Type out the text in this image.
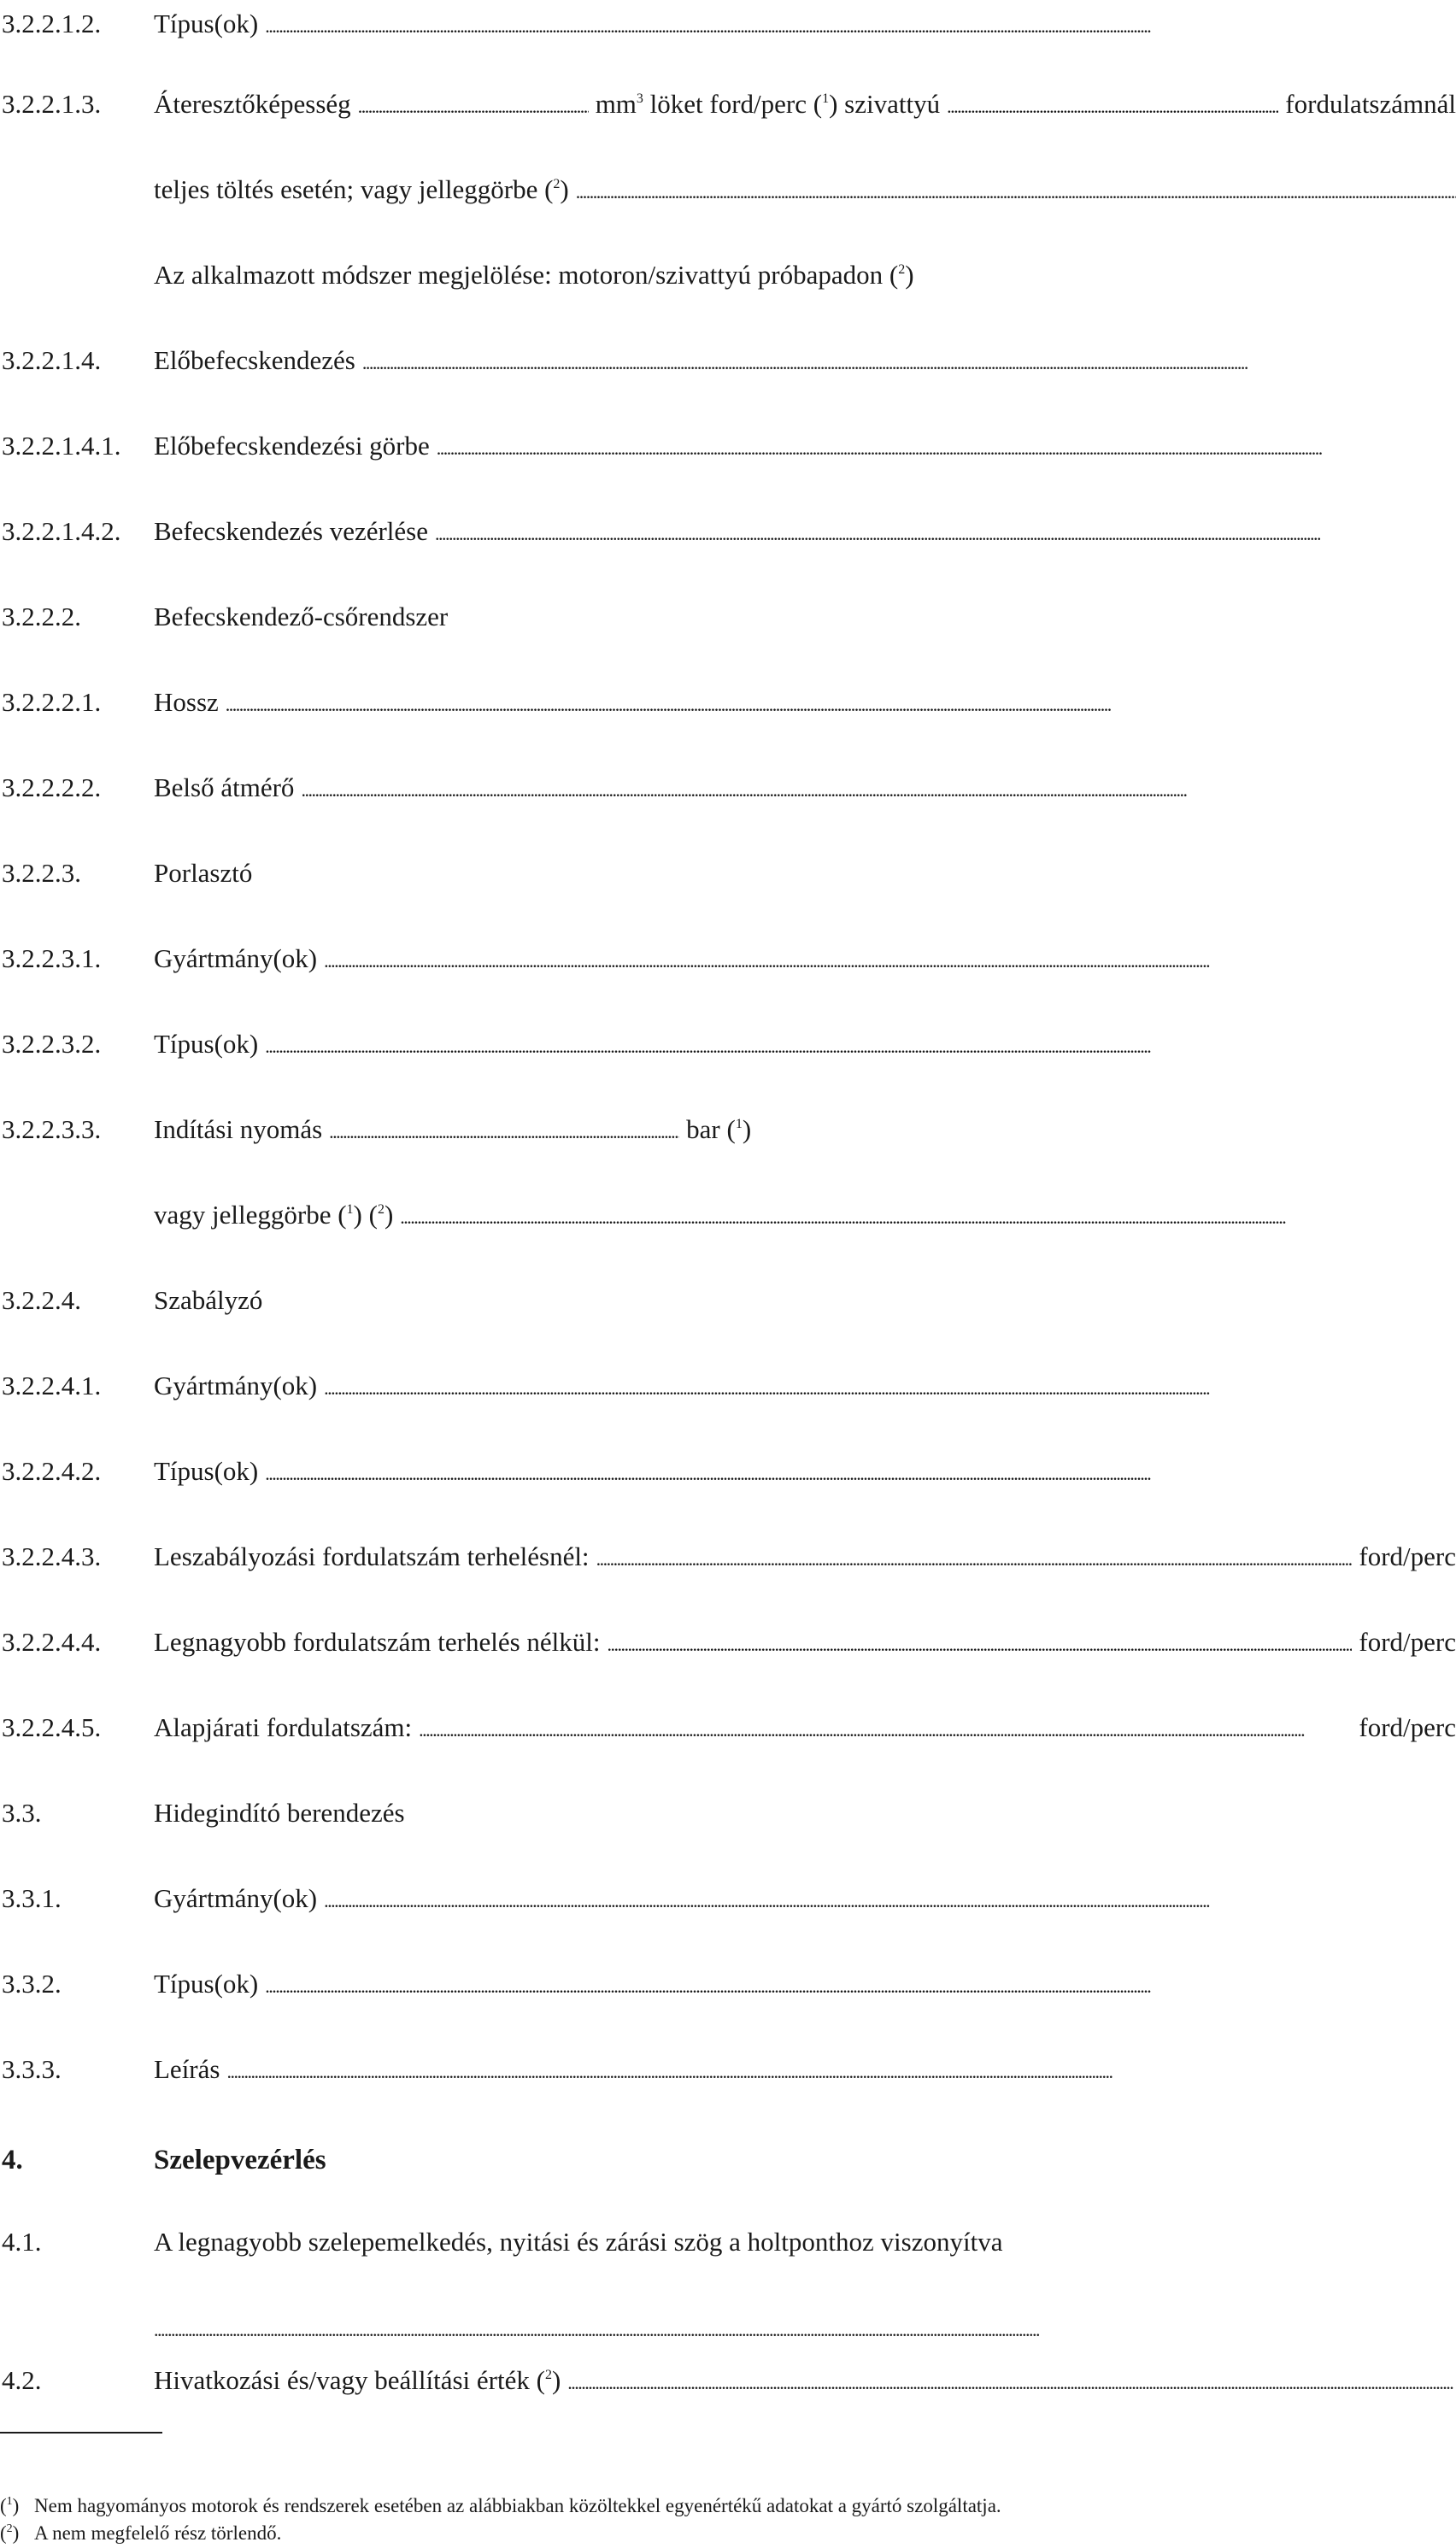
3.2.2.1.2. Típus(ok)
. . .
3.2.2.1.3. Áteresztőképesség . . .	$mm^3$ löket ford/perc ($^1$) szivattyú . . .	fordulatszámnál
teljes töltés esetén; vagy jelleggörbe ($^2$)
. . .
Az alkalmazott módszer megjelölése: motoron/szivattyú próbapadon ($^2$)
3.2.2.1.4. Előbefecskendezés
. . .
3.2.2.1.4.1. Előbefecskendezési görbe
. . .
3.2.2.1.4.2. Befecskendezés vezérlése
. . .
3.2.2.2.	Befecskendező-csőrendszer
3.2.2.2.1. Hossz
. . .
3.2.2.2.2. Belső átmérő
. . .
3.2.2.3.	Porlasztó
3.2.2.3.1. Gyártmány(ok)
. . .
3.2.2.3.2. Típus(ok)
. . .
3.2.2.3.3. Indítási nyomás . . .	bar ($^1$)
vagy jelleggörbe ($^1$) ($^2$)
. . .
3.2.2.4.	Szabályzó
3.2.2.4.1. Gyártmány(ok)
. . .
3.2.2.4.2. Típus(ok)
. . .
3.2.2.4.3. Leszabályozási fordulatszám terhelésnél: . . .	ford/perc
3.2.2.4.4. Legnagyobb fordulatszám terhelés nélkül: . . .	ford/perc
3.2.2.4.5. Alapjárati fordulatszám: . . .	ford/perc
3.3.	Hidegindító berendezés
3.3.1.	Gyártmány(ok)
. . .
3.3.2.	Típus(ok)
. . .
3.3.3.	Leírás
. . .
4.	Szelepvezérlés
4.1.	A legnagyobb szelepemelkedés, nyitási és zárási szög a holtponthoz viszonyítva
. . .
4.2.	Hivatkozási és/vagy beállítási érték ($^2$)
. . .
($^1$) Nem hagyományos motorok és rendszerek esetében az alábbiakban közöltekkel egyenértékű adatokat a gyártó szolgáltatja.
($^2$) A nem megfelelő rész törlendő.
